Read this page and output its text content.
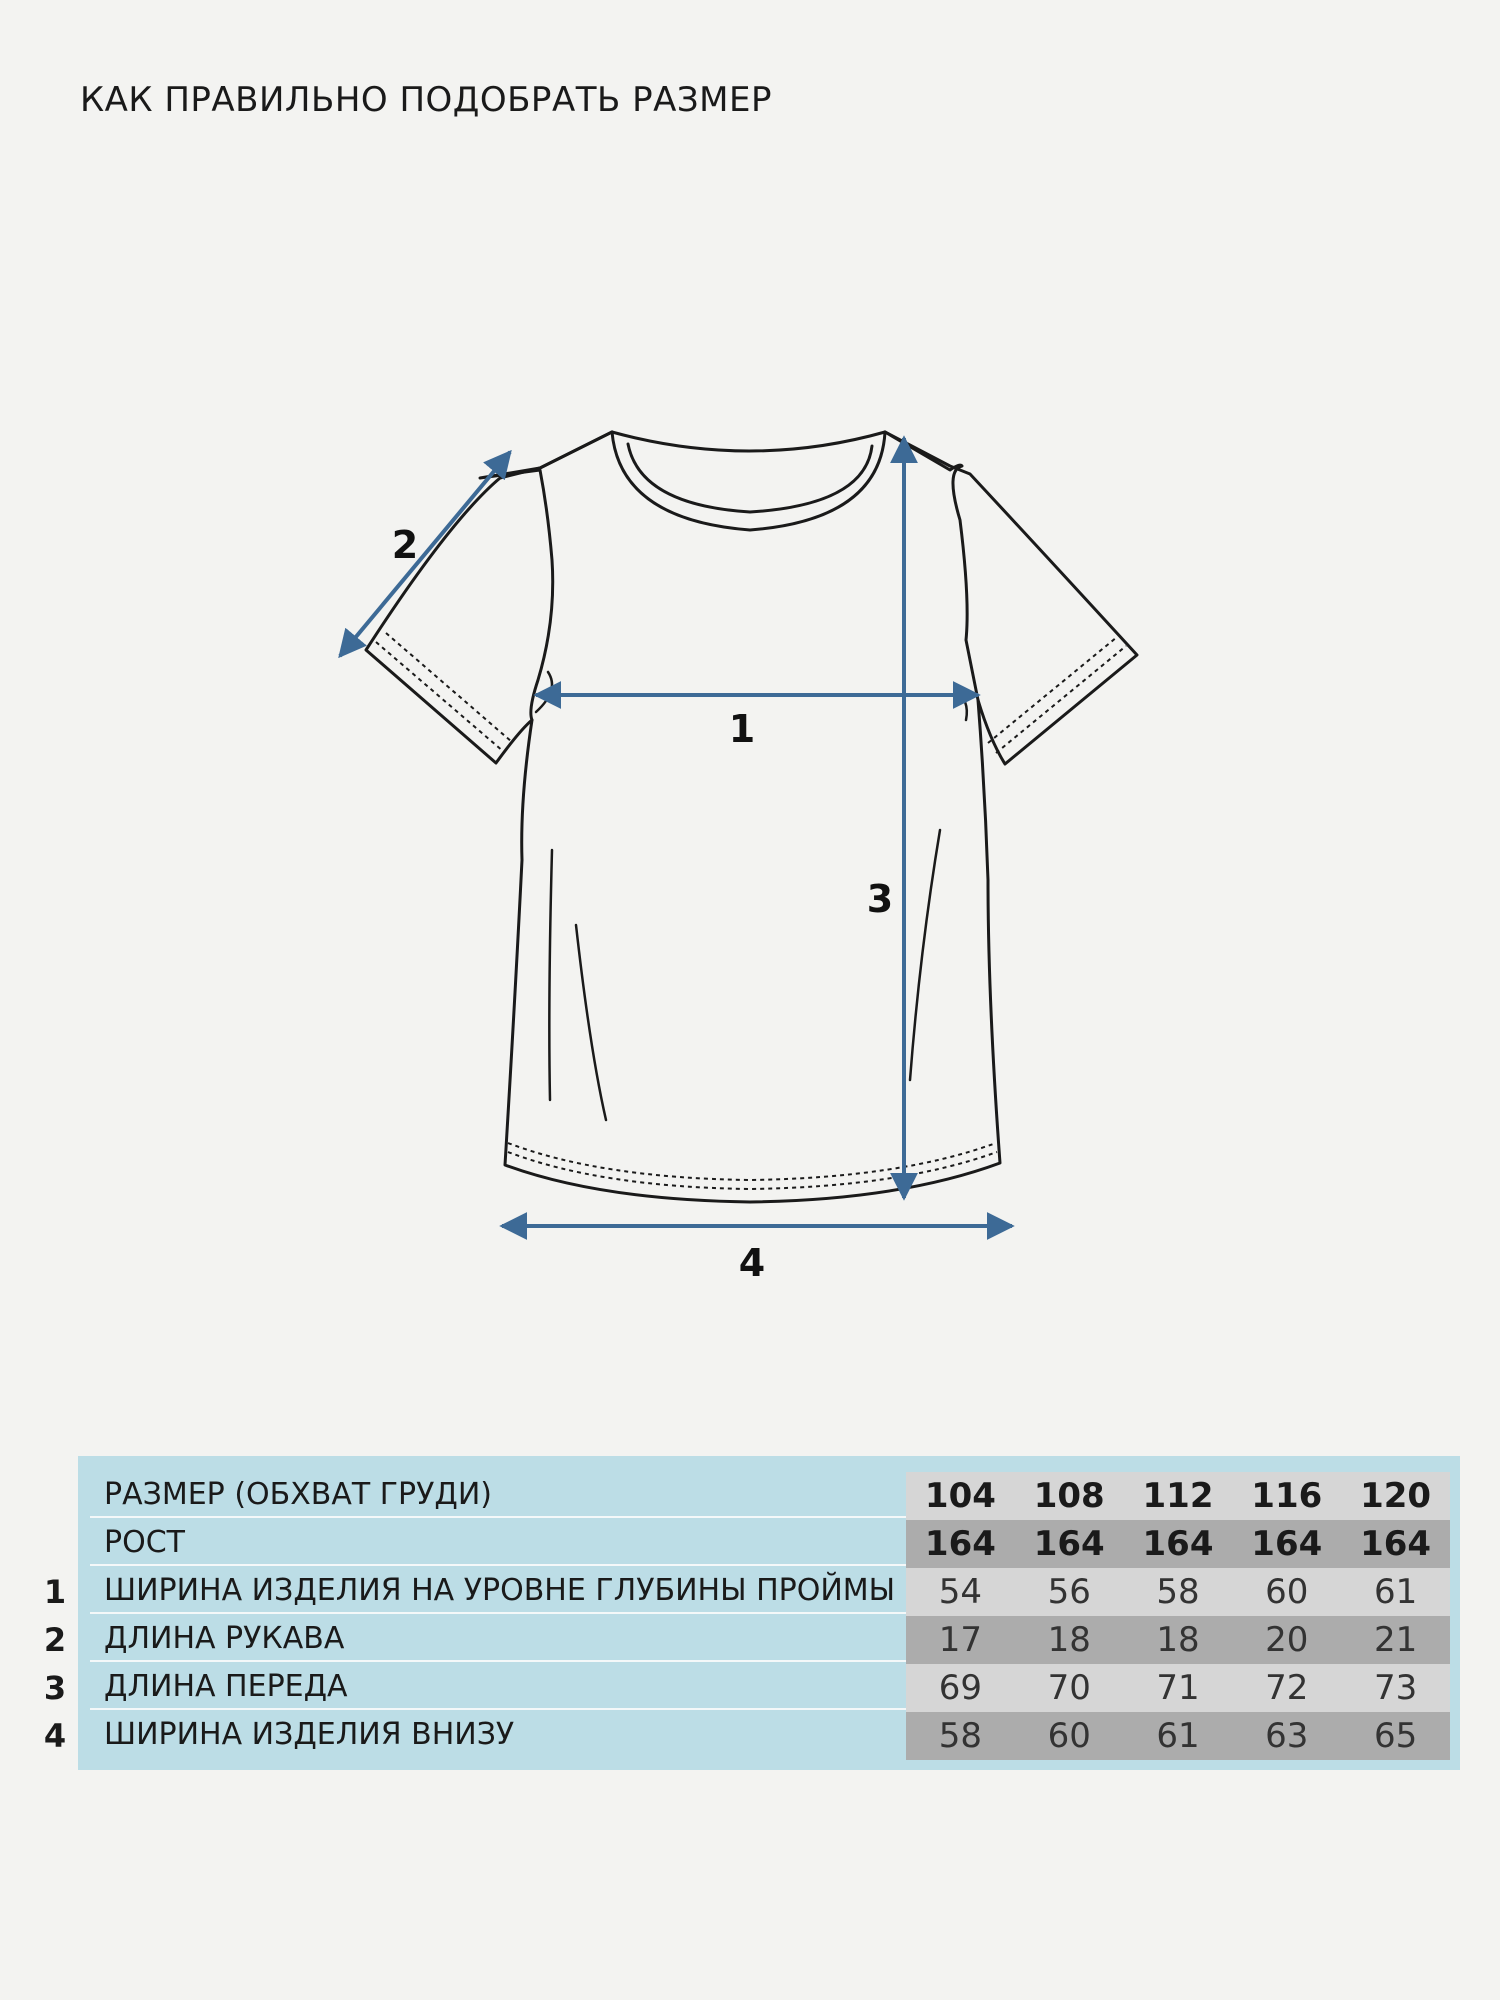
КАК ПРАВИЛЬНО ПОДОБРАТЬ РАЗМЕР
1
2
3
4
РАЗМЕР (ОБХВАТ ГРУДИ)	104	108	112	116	120
РОСТ	164	164	164	164	164
1	ШИРИНА ИЗДЕЛИЯ НА УРОВНЕ ГЛУБИНЫ ПРОЙМЫ	54	56	58	60	61
2	ДЛИНА РУКАВА	17	18	18	20	21
3	ДЛИНА ПЕРЕДА	69	70	71	72	73
4	ШИРИНА ИЗДЕЛИЯ ВНИЗУ	58	60	61	63	65
